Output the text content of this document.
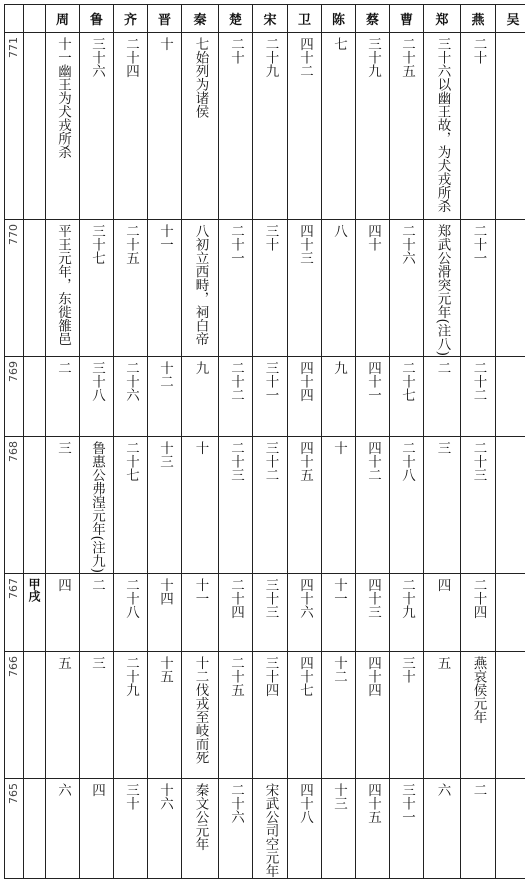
		周	鲁	齐	晋	秦	楚	宋	卫	陈	蔡	曹	郑	燕	吴

771		十一幽王为犬戎所杀	三十六	二十四	十	七始列为诸侯	二十	二十九	四十二	七	三十九	二十五	三十六以幽王故，为犬戎所杀	二十	

770		平王元年，东徙雒邑	三十七	二十五	十一	八初立西畤，祠白帝	二十一	三十	四十三	八	四十	二十六	郑武公滑突元年(注八)	二十一	

769		二	三十八	二十六	十二	九	二十二	三十一	四十四	九	四十一	二十七	二	二十二	

768		三	鲁惠公弗湟元年(注九)	二十七	十三	十	二十三	三十二	四十五	十	四十二	二十八	三	二十三	

767	甲戌	四	二	二十八	十四	十一	二十四	三十三	四十六	十一	四十三	二十九	四	二十四	

766		五	三	二十九	十五	十二伐戎至岐而死	二十五	三十四	四十七	十二	四十四	三十	五	燕哀侯元年	

765		六	四	三十	十六	秦文公元年	二十六	宋武公司空元年	四十八	十三	四十五	三十一	六	二	
